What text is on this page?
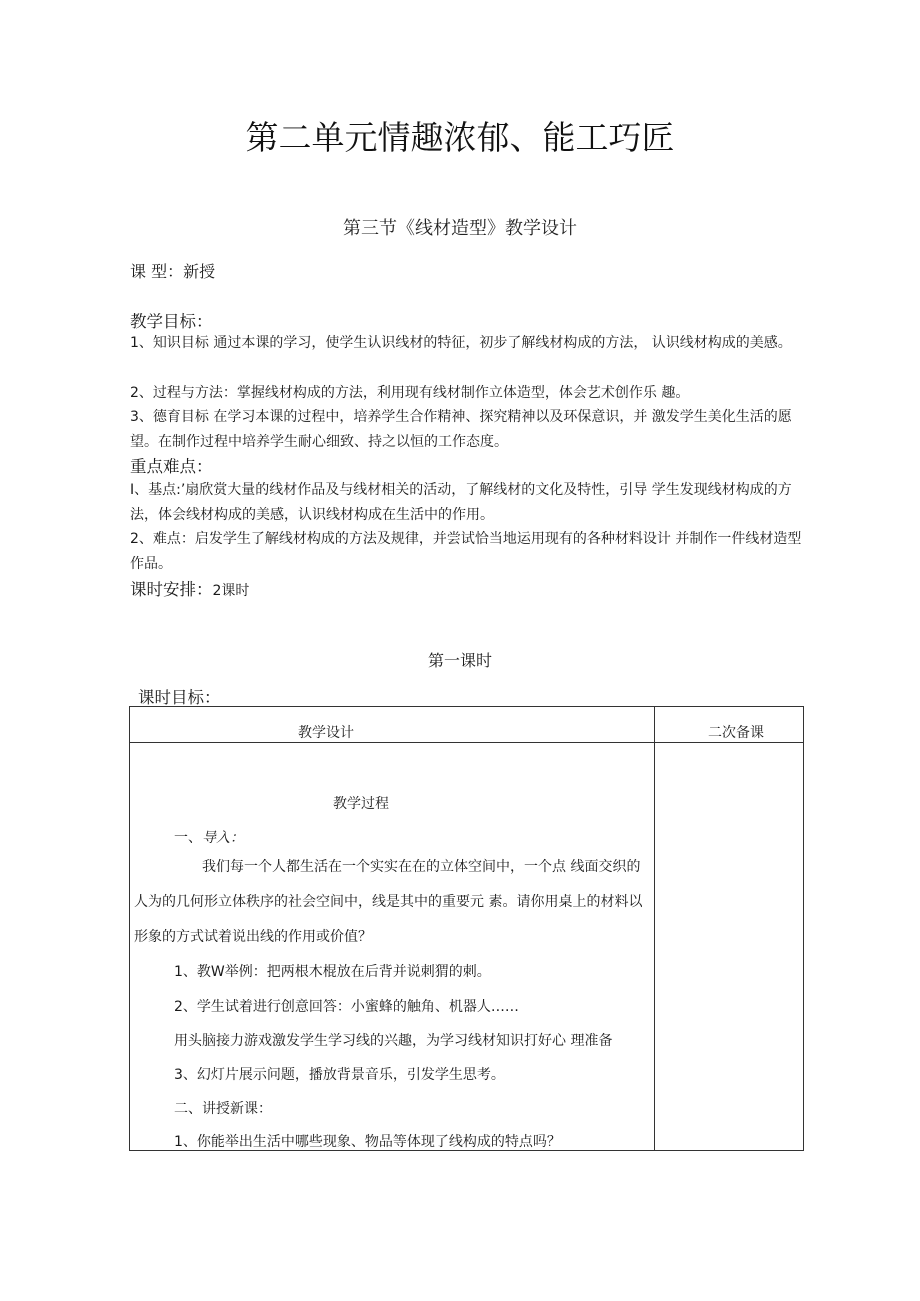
第二单元情趣浓郁、能工巧匠
第三节《线材造型》教学设计
课 型：新授
教学目标：
1、知识目标 通过本课的学习，使学生认识线材的特征，初步了解线材构成的方法， 认识线材构成的美感。
2、过程与方法：掌握线材构成的方法，利用现有线材制作立体造型，体会艺术创作乐 趣。
3、德育目标 在学习本课的过程中，培养学生合作精神、探究精神以及环保意识，并 激发学生美化生活的愿望。在制作过程中培养学生耐心细致、持之以恒的工作态度。
重点难点：
I、基点:’扇欣赏大量的线材作品及与线材相关的活动，了解线材的文化及特性，引导 学生发现线材构成的方法，体会线材构成的美感，认识线材构成在生活中的作用。
2、难点：启发学生了解线材构成的方法及规律，并尝试恰当地运用现有的各种材料设计 并制作一件线材造型作品。
课时安排：2课时
第一课时
课时目标：
教学设计	二次备课
教学过程
一、导入：
我们每一个人都生活在一个实实在在的立体空间中，一个点 线面交织的人为的几何形立体秩序的社会空间中，线是其中的重要元 素。请你用桌上的材料以形象的方式试着说出线的作用或价值？
1、教W举例：把两根木棍放在后背并说刺猬的刺。
2、学生试着进行创意回答：小蜜蜂的触角、机器人……
用头脑接力游戏激发学生学习线的兴趣，为学习线材知识打好心 理准备
3、幻灯片展示问题，播放背景音乐，引发学生思考。
二、讲授新课：
1、你能举出生活中哪些现象、物品等体现了线构成的特点吗？
